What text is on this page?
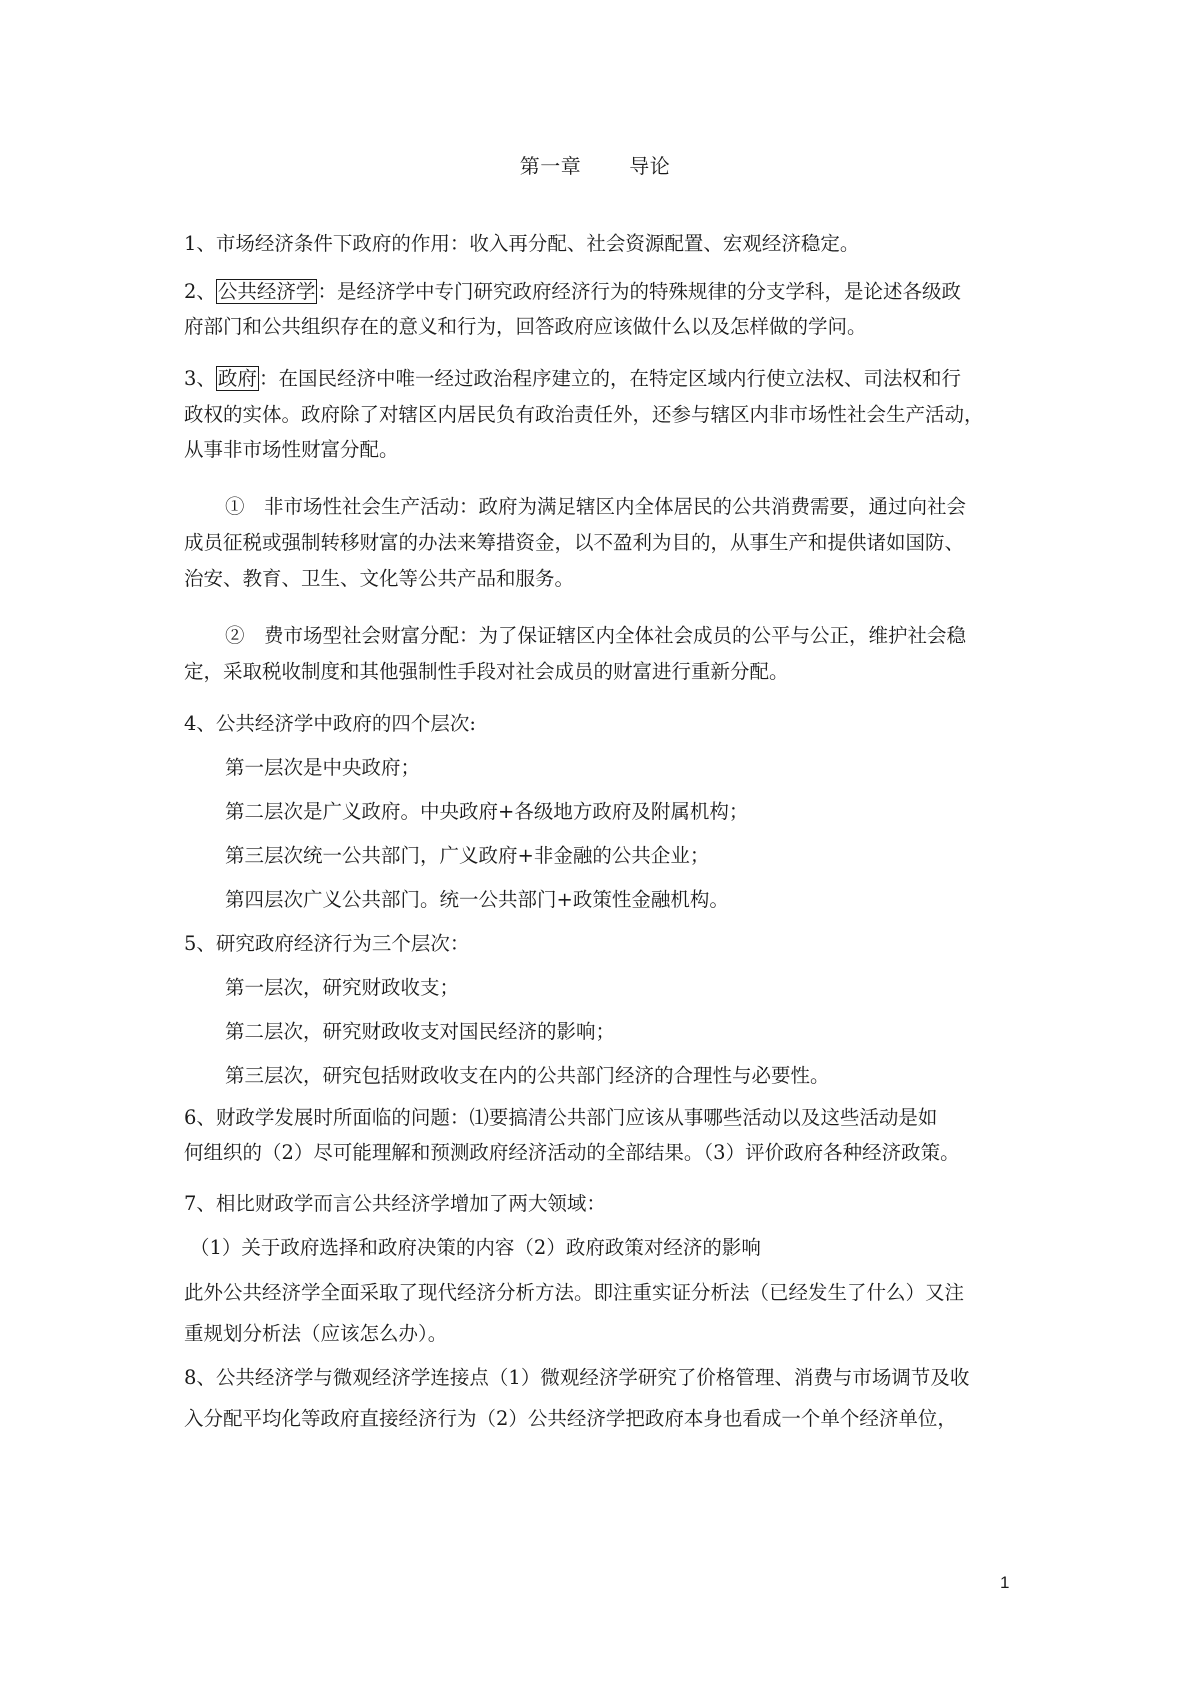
第一章 导论
1、市场经济条件下政府的作用：收入再分配、社会资源配置、宏观经济稳定。
2、 公共经济学 ：是经济学中专门研究政府经济行为的特殊规律的分支学科，是论述各级政
府部门和公共组织存在的意义和行为，回答政府应该做什么以及怎样做的学问。
3、 政府 ：在国民经济中唯一经过政治程序建立的，在特定区域内行使立法权、司法权和行
政权的实体。政府除了对辖区内居民负有政治责任外，还参与辖区内非市场性社会生产活动，
从事非市场性财富分配。
①　非市场性社会生产活动：政府为满足辖区内全体居民的公共消费需要，通过向社会
成员征税或强制转移财富的办法来筹措资金，以不盈利为目的，从事生产和提供诸如国防、
治安、教育、卫生、文化等公共产品和服务。
②　费市场型社会财富分配：为了保证辖区内全体社会成员的公平与公正，维护社会稳
定，采取税收制度和其他强制性手段对社会成员的财富进行重新分配。
4、公共经济学中政府的四个层次:
第一层次是中央政府；
第二层次是广义政府。中央政府+各级地方政府及附属机构；
第三层次统一公共部门，广义政府+非金融的公共企业；
第四层次广义公共部门。统一公共部门+政策性金融机构。
5、研究政府经济行为三个层次：
第一层次，研究财政收支；
第二层次，研究财政收支对国民经济的影响；
第三层次，研究包括财政收支在内的公共部门经济的合理性与必要性。
6、财政学发展时所面临的问题：⑴要搞清公共部门应该从事哪些活动以及这些活动是如
何组织的（2）尽可能理解和预测政府经济活动的全部结果。（3）评价政府各种经济政策。
7、相比财政学而言公共经济学增加了两大领域：
（1）关于政府选择和政府决策的内容（2）政府政策对经济的影响
此外公共经济学全面采取了现代经济分析方法。即注重实证分析法（已经发生了什么）又注
重规划分析法（应该怎么办）。
8、公共经济学与微观经济学连接点（1）微观经济学研究了价格管理、消费与市场调节及收
入分配平均化等政府直接经济行为（2）公共经济学把政府本身也看成一个单个经济单位，
1
